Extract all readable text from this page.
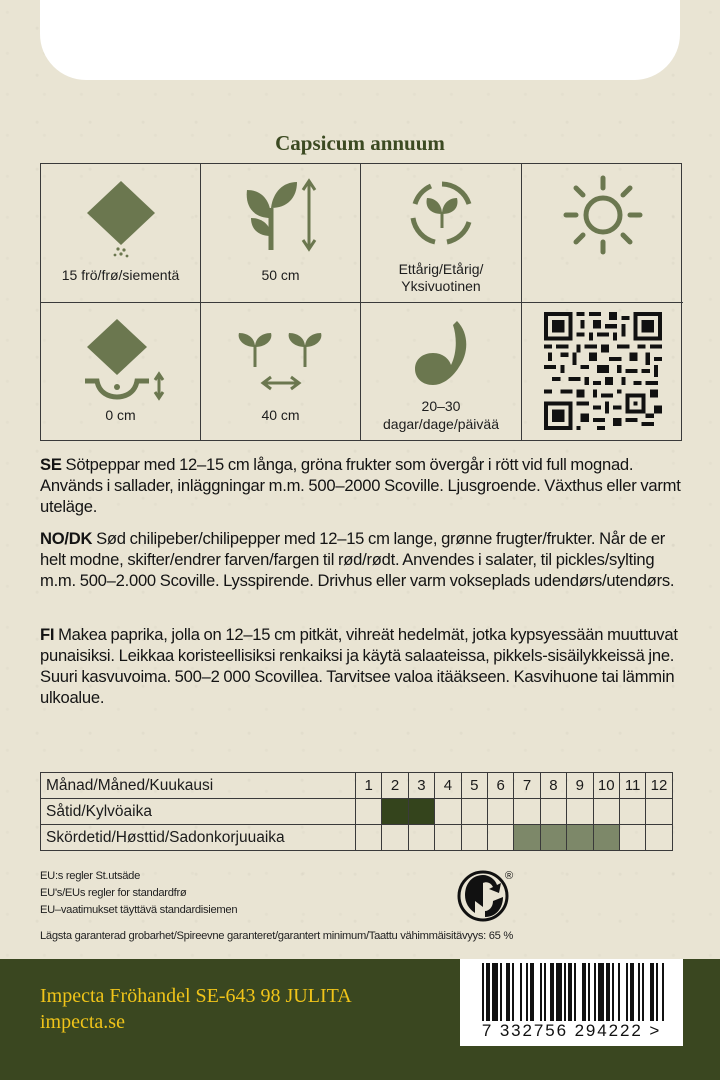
Capsicum annuum
15 frö/frø/siementä	50 cm	Ettårig/Etårig/
Yksivuotinen
0 cm	40 cm
20–30
dagar/dage/päivää
SE Sötpeppar med 12–15 cm långa, gröna frukter som övergår i rött vid full mognad. Används i sallader, inläggningar m.m. 500–2000 Scoville. Ljusgroende. Växthus eller varmt uteläge.
NO/DK Sød chilipeber/chilipepper med 12–15 cm lange, grønne frugter/frukter. Når de er helt modne, skifter/endrer farven/fargen til rød/rødt. Anvendes i salater, til pickles/sylting m.m. 500–2.000 Scoville. Lysspirende. Drivhus eller varm vokseplads udendørs/utendørs.
FI Makea paprika, jolla on 12–15 cm pitkät, vihreät hedelmät, jotka kypsyessään muuttuvat punaisiksi. Leikkaa koristeellisiksi renkaiksi ja käytä salaateissa, pikkels-sisäilykkeissä jne. Suuri kasvuvoima. 500–2 000 Scovillea. Tarvitsee valoa itääkseen. Kasvihuone tai lämmin ulkoalue.
Månad/Måned/Kuukausi	1	2	3	4	5	6	7	8	9	10	11	12
Såtid/Kylvöaika												
Skördetid/Høsttid/Sadonkorjuuaika												
EU:s regler St.utsäde
EU's/EUs regler for standardfrø
EU–vaatimukset täyttävä standardisiemen
®
Lägsta garanterad grobarhet/Spireevne garanteret/garantert minimum/Taattu vähimmäisitävyys: 65 %
Impecta Fröhandel SE-643 98 JULITA
impecta.se	7 332756 294222 >
